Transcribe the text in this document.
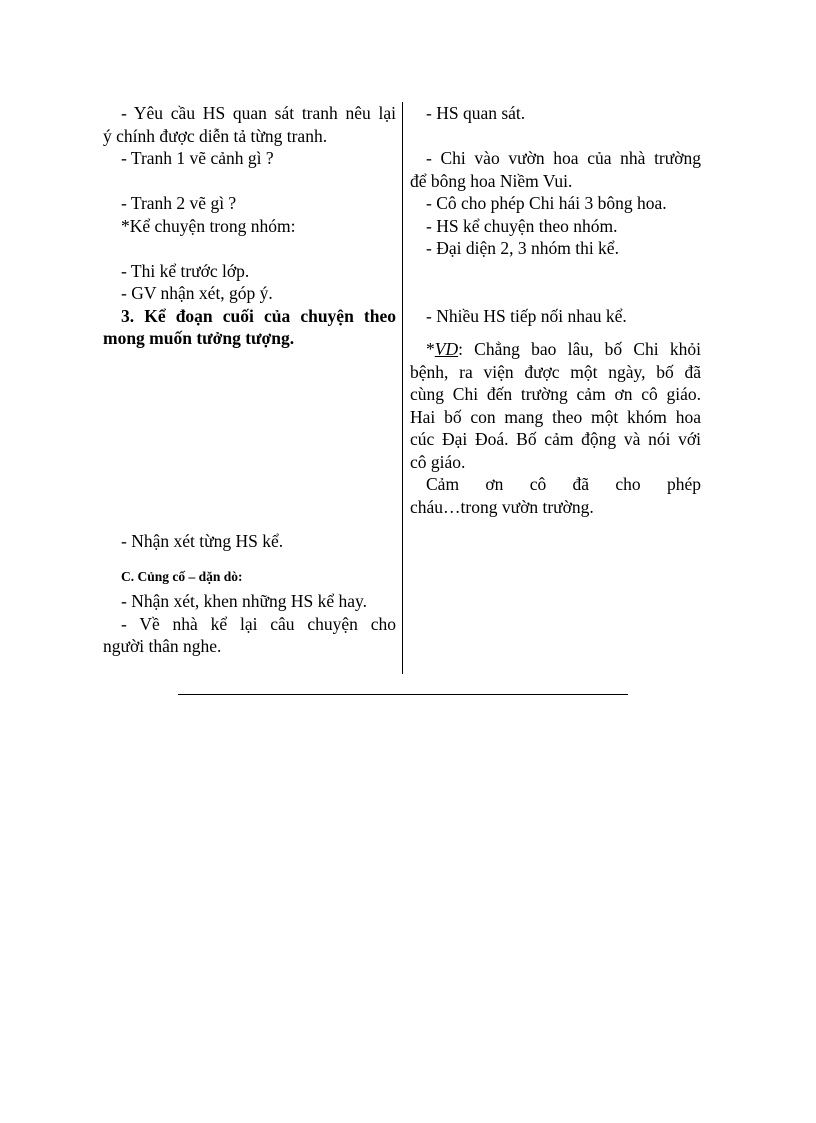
- Yêu cầu HS quan sát tranh nêu lại

ý chính được diễn tả từng tranh.

- Tranh 1 vẽ cảnh gì ?

- Tranh 2 vẽ gì ?

*Kể chuyện trong nhóm:

- Thi kể trước lớp.

- GV nhận xét, góp ý.

3. Kể đoạn cuối của chuyện theo

mong muốn tưởng tượng.

- Nhận xét từng HS kể.

C. Củng cố – dặn dò:

- Nhận xét, khen những HS kể hay.

- Về nhà kể lại câu chuyện cho

người thân nghe.

- HS quan sát.

- Chi vào vườn hoa của nhà trường

để bông hoa Niềm Vui.

- Cô cho phép Chi hái 3 bông hoa.

- HS kể chuyện theo nhóm.

- Đại diện 2, 3 nhóm thi kể.

- Nhiều HS tiếp nối nhau kể.

*VD: Chẳng bao lâu, bố Chi khỏi

bệnh, ra viện được một ngày, bố đã

cùng Chi đến trường cảm ơn cô giáo.

Hai bố con mang theo một khóm hoa

cúc Đại Đoá. Bố cảm động và nói với

cô giáo.

Cảm ơn cô đã cho phép

cháu…trong vườn trường.
